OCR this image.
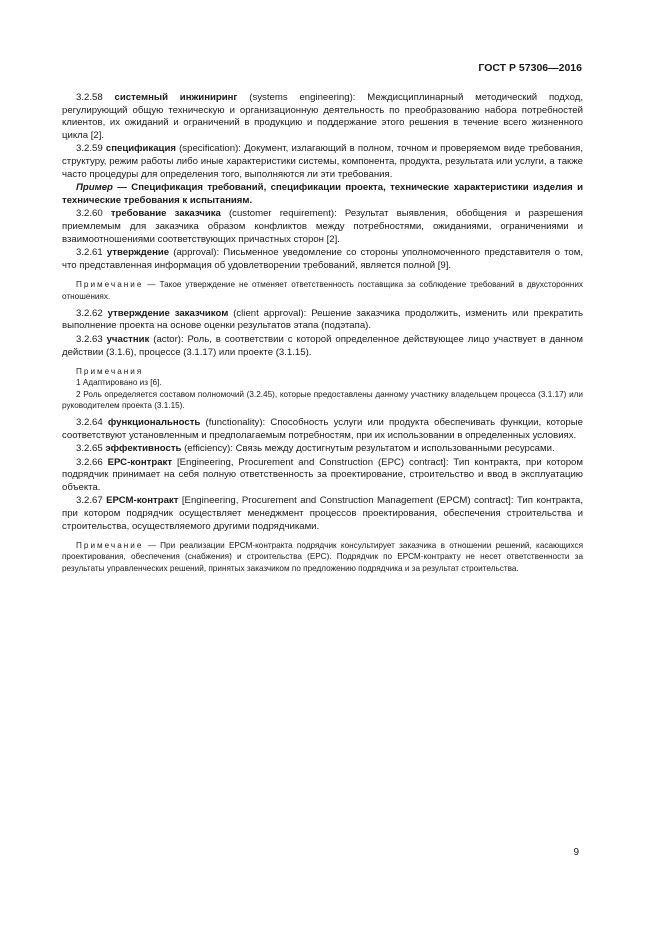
ГОСТ Р 57306—2016

3.2.58 системный инжиниринг (systems engineering): Междисциплинарный методический подход, регулирующий общую техническую и организационную деятельность по преобразованию набора потребностей клиентов, их ожиданий и ограничений в продукцию и поддержание этого решения в течение всего жизненного цикла [2].

3.2.59 спецификация (specification): Документ, излагающий в полном, точном и проверяемом виде требования, структуру, режим работы либо иные характеристики системы, компонента, продукта, результата или услуги, а также часто процедуры для определения того, выполняются ли эти требования.

Пример — Спецификация требований, спецификации проекта, технические характеристики изделия и технические требования к испытаниям.

3.2.60 требование заказчика (customer requirement): Результат выявления, обобщения и разрешения приемлемым для заказчика образом конфликтов между потребностями, ожиданиями, ограничениями и взаимоотношениями соответствующих причастных сторон [2].

3.2.61 утверждение (approval): Письменное уведомление со стороны уполномоченного представителя о том, что представленная информация об удовлетворении требований, является полной [9].

Примечание — Такое утверждение не отменяет ответственность поставщика за соблюдение требований в двухсторонних отношениях.

3.2.62 утверждение заказчиком (client approval): Решение заказчика продолжить, изменить или прекратить выполнение проекта на основе оценки результатов этапа (подэтапа).

3.2.63 участник (actor): Роль, в соответствии с которой определенное действующее лицо участвует в данном действии (3.1.6), процессе (3.1.17) или проекте (3.1.15).

Примечания

1 Адаптировано из [6].

2 Роль определяется составом полномочий (3.2.45), которые предоставлены данному участнику владельцем процесса (3.1.17) или руководителем проекта (3.1.15).

3.2.64 функциональность (functionality): Способность услуги или продукта обеспечивать функции, которые соответствуют установленным и предполагаемым потребностям, при их использовании в определенных условиях.

3.2.65 эффективность (efficiency): Связь между достигнутым результатом и использованными ресурсами.

3.2.66 ЕРС-контракт [Engineering, Procurement and Construction (EPC) contract]: Тип контракта, при котором подрядчик принимает на себя полную ответственность за проектирование, строительство и ввод в эксплуатацию объекта.

3.2.67 ЕРСМ-контракт [Engineering, Procurement and Construction Management (EPCM) contract]: Тип контракта, при котором подрядчик осуществляет менеджмент процессов проектирования, обеспечения строительства и строительства, осуществляемого другими подрядчиками.

Примечание — При реализации ЕРСМ-контракта подрядчик консультирует заказчика в отношении решений, касающихся проектирования, обеспечения (снабжения) и строительства (ЕРС). Подрядчик по ЕРСМ-контракту не несет ответственности за результаты управленческих решений, принятых заказчиком по предложению подрядчика и за результат строительства.

9
